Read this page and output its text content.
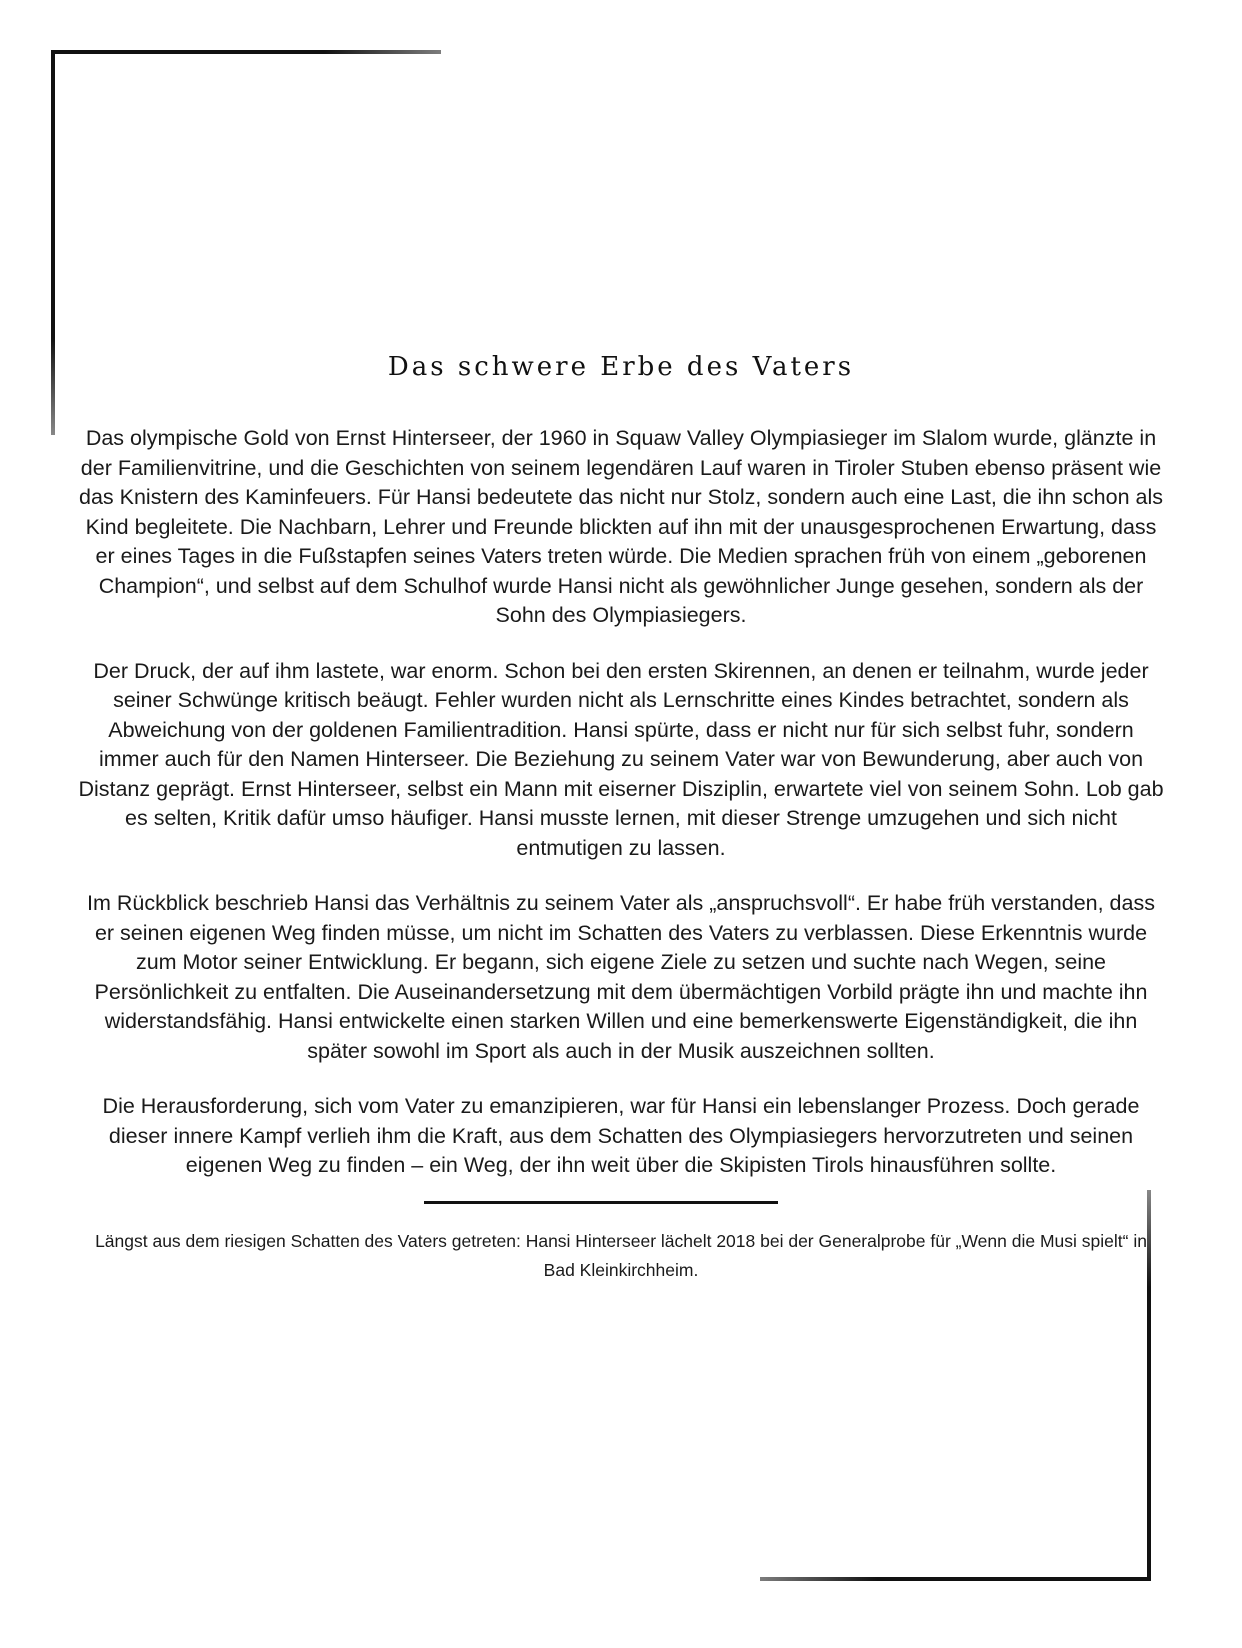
Das schwere Erbe des Vaters

Das olympische Gold von Ernst Hinterseer, der 1960 in Squaw Valley Olympiasieger im Slalom wurde, glänzte in der Familienvitrine, und die Geschichten von seinem legendären Lauf waren in Tiroler Stuben ebenso präsent wie das Knistern des Kaminfeuers. Für Hansi bedeutete das nicht nur Stolz, sondern auch eine Last, die ihn schon als Kind begleitete. Die Nachbarn, Lehrer und Freunde blickten auf ihn mit der unausgesprochenen Erwartung, dass er eines Tages in die Fußstapfen seines Vaters treten würde. Die Medien sprachen früh von einem „geborenen Champion“, und selbst auf dem Schulhof wurde Hansi nicht als gewöhnlicher Junge gesehen, sondern als der Sohn des Olympiasiegers.

Der Druck, der auf ihm lastete, war enorm. Schon bei den ersten Skirennen, an denen er teilnahm, wurde jeder seiner Schwünge kritisch beäugt. Fehler wurden nicht als Lernschritte eines Kindes betrachtet, sondern als Abweichung von der goldenen Familientradition. Hansi spürte, dass er nicht nur für sich selbst fuhr, sondern immer auch für den Namen Hinterseer. Die Beziehung zu seinem Vater war von Bewunderung, aber auch von Distanz geprägt. Ernst Hinterseer, selbst ein Mann mit eiserner Disziplin, erwartete viel von seinem Sohn. Lob gab es selten, Kritik dafür umso häufiger. Hansi musste lernen, mit dieser Strenge umzugehen und sich nicht entmutigen zu lassen.

Im Rückblick beschrieb Hansi das Verhältnis zu seinem Vater als „anspruchsvoll“. Er habe früh verstanden, dass er seinen eigenen Weg finden müsse, um nicht im Schatten des Vaters zu verblassen. Diese Erkenntnis wurde zum Motor seiner Entwicklung. Er begann, sich eigene Ziele zu setzen und suchte nach Wegen, seine Persönlichkeit zu entfalten. Die Auseinandersetzung mit dem übermächtigen Vorbild prägte ihn und machte ihn widerstandsfähig. Hansi entwickelte einen starken Willen und eine bemerkenswerte Eigenständigkeit, die ihn später sowohl im Sport als auch in der Musik auszeichnen sollten.

Die Herausforderung, sich vom Vater zu emanzipieren, war für Hansi ein lebenslanger Prozess. Doch gerade dieser innere Kampf verlieh ihm die Kraft, aus dem Schatten des Olympiasiegers hervorzutreten und seinen eigenen Weg zu finden – ein Weg, der ihn weit über die Skipisten Tirols hinausführen sollte.

Längst aus dem riesigen Schatten des Vaters getreten: Hansi Hinterseer lächelt 2018 bei der Generalprobe für „Wenn die Musi spielt“ in Bad Kleinkirchheim.
